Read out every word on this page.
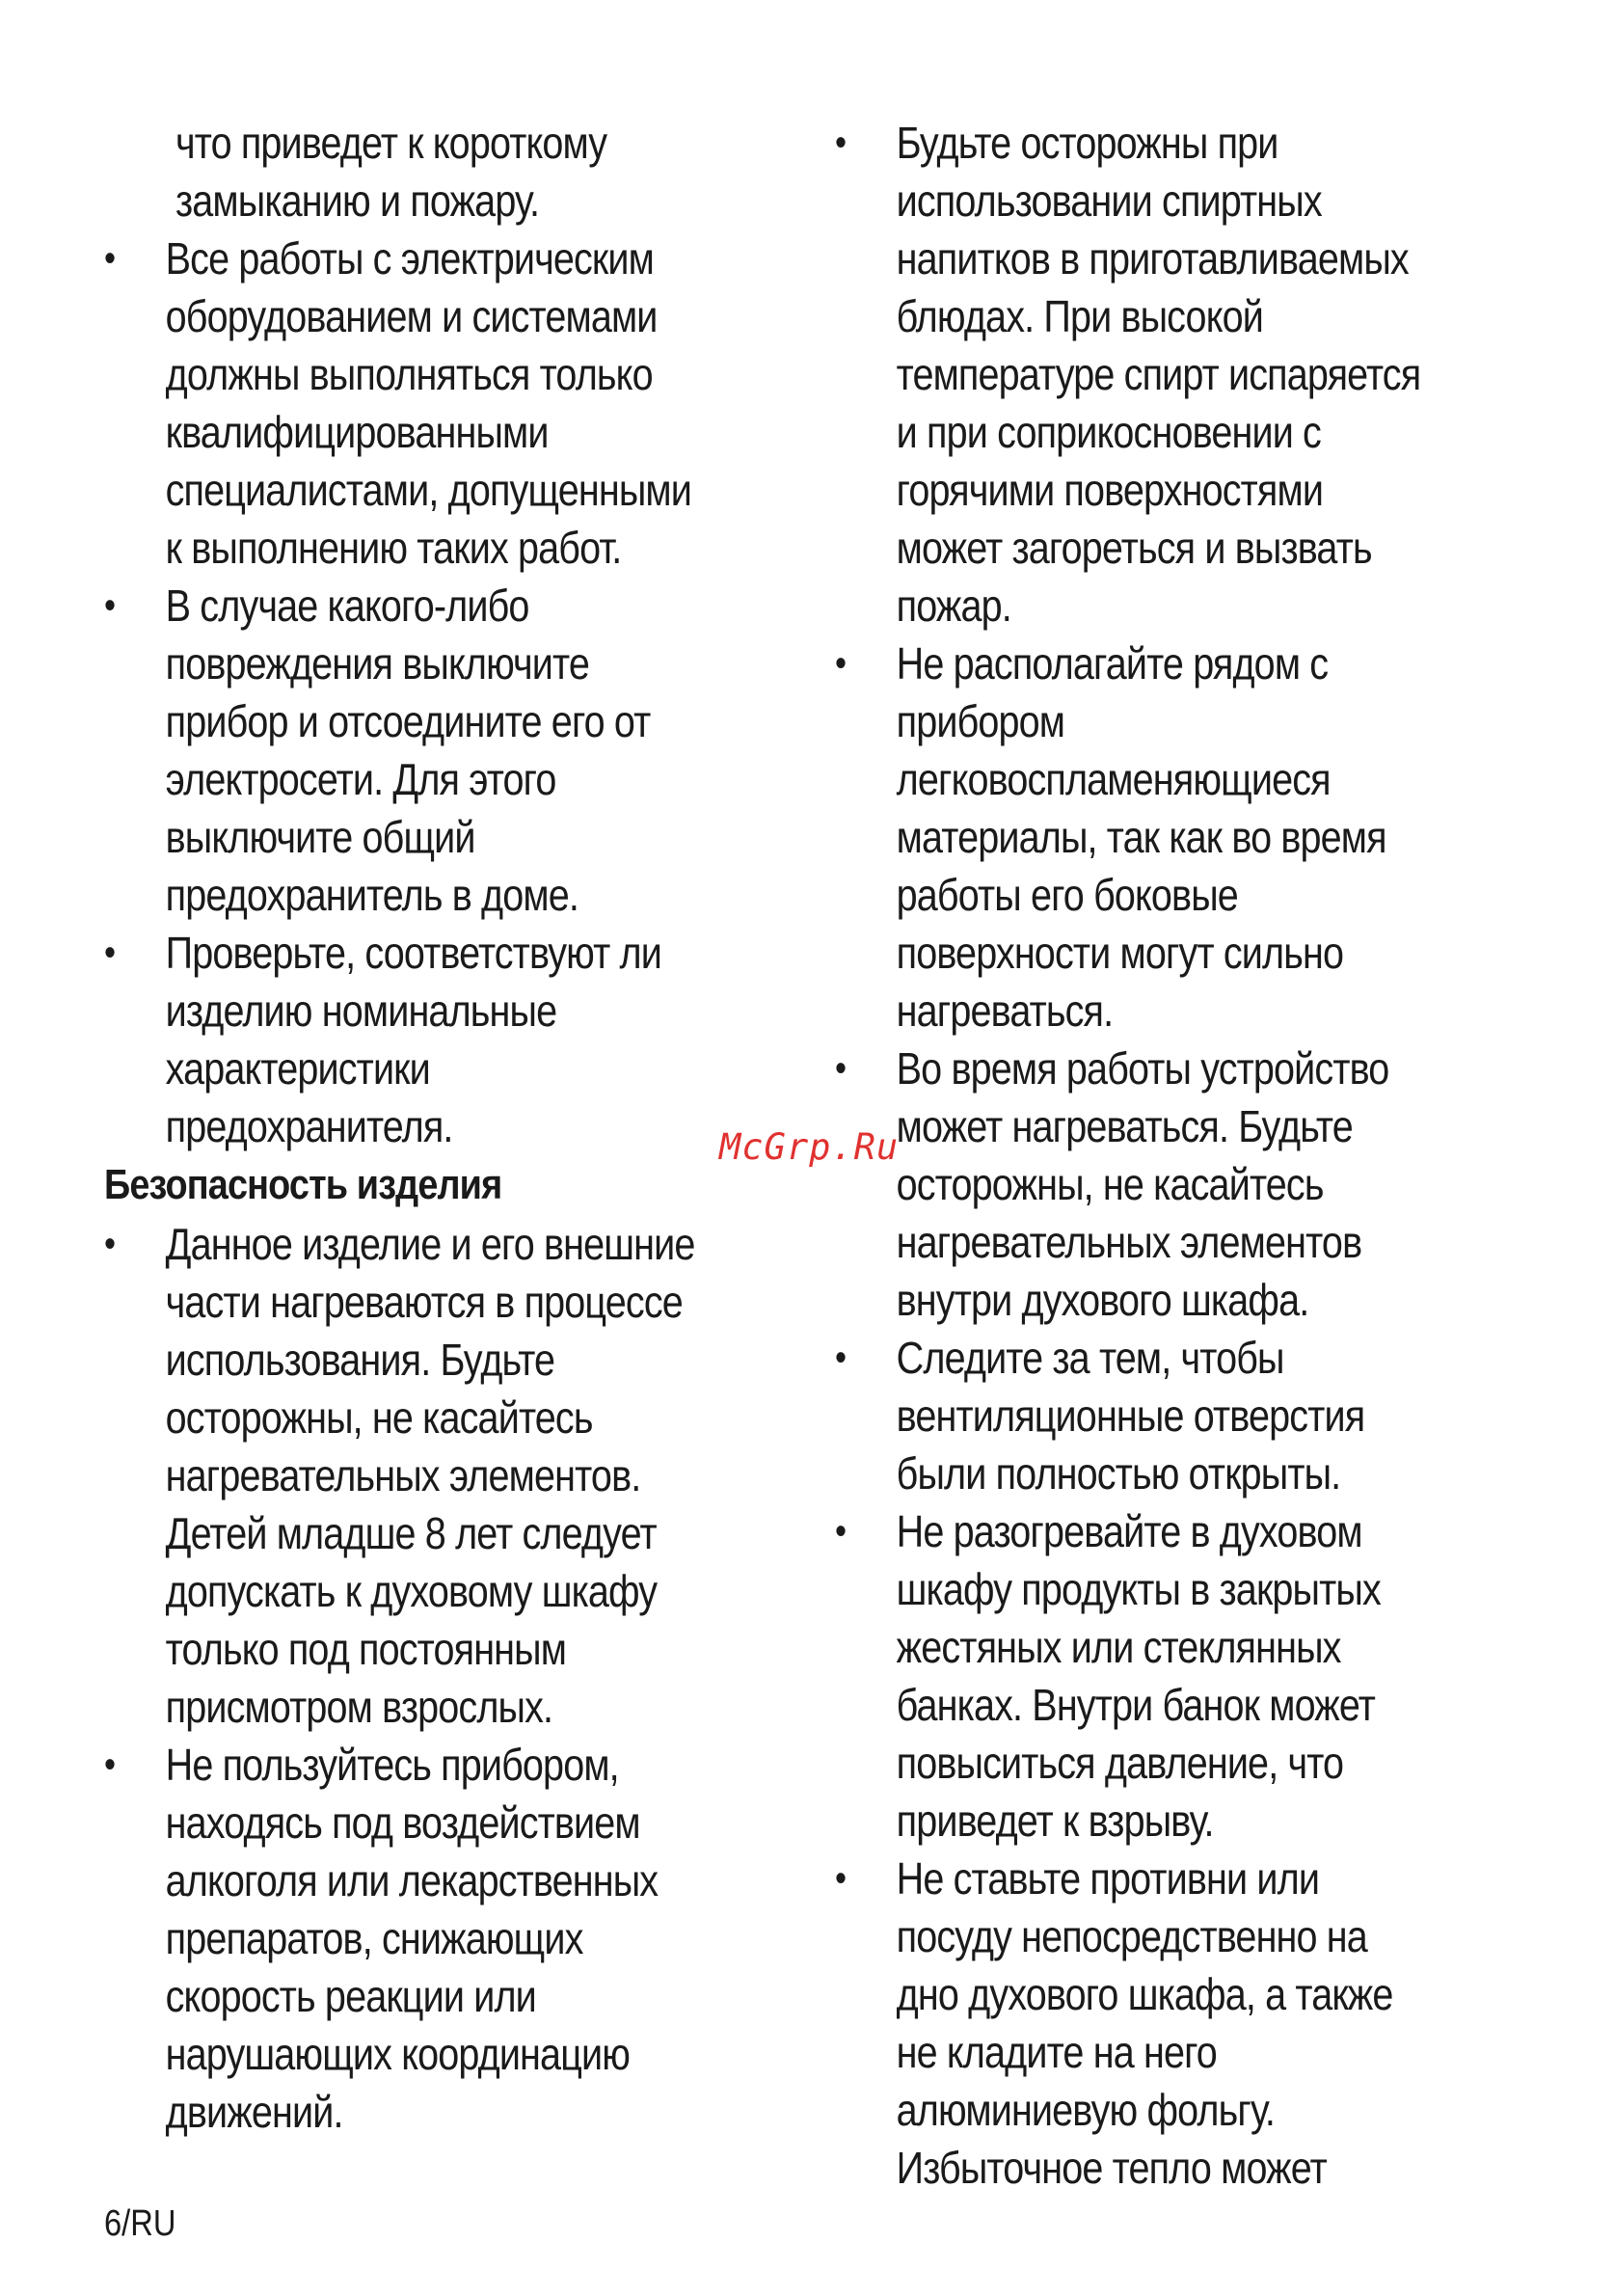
что приведет к короткому
замыканию и пожару.
•	Все работы с электрическим
оборудованием и системами
должны выполняться только
квалифицированными
специалистами, допущенными
к выполнению таких работ.
•	В случае какого-либо
повреждения выключите
прибор и отсоедините его от
электросети. Для этого
выключите общий
предохранитель в доме.
•	Проверьте, соответствуют ли
изделию номинальные
характеристики
предохранителя.
Безопасность изделия
•	Данное изделие и его внешние
части нагреваются в процессе
использования. Будьте
осторожны, не касайтесь
нагревательных элементов.
Детей младше 8 лет следует
допускать к духовому шкафу
только под постоянным
присмотром взрослых.
•	Не пользуйтесь прибором,
находясь под воздействием
алкоголя или лекарственных
препаратов, снижающих
скорость реакции или
нарушающих координацию
движений.
•	Будьте осторожны при
использовании спиртных
напитков в приготавливаемых
блюдах. При высокой
температуре спирт испаряется
и при соприкосновении с
горячими поверхностями
может загореться и вызвать
пожар.
•	Не располагайте рядом с
прибором
легковоспламеняющиеся
материалы, так как во время
работы его боковые
поверхности могут сильно
нагреваться.
•	Во время работы устройство
может нагреваться. Будьте
осторожны, не касайтесь
нагревательных элементов
внутри духового шкафа.
•	Следите за тем, чтобы
вентиляционные отверстия
были полностью открыты.
•	Не разогревайте в духовом
шкафу продукты в закрытых
жестяных или стеклянных
банках. Внутри банок может
повыситься давление, что
приведет к взрыву.
•	Не ставьте противни или
посуду непосредственно на
дно духового шкафа, а также
не кладите на него
алюминиевую фольгу.
Избыточное тепло может
McGrp.Ru
6/RU
